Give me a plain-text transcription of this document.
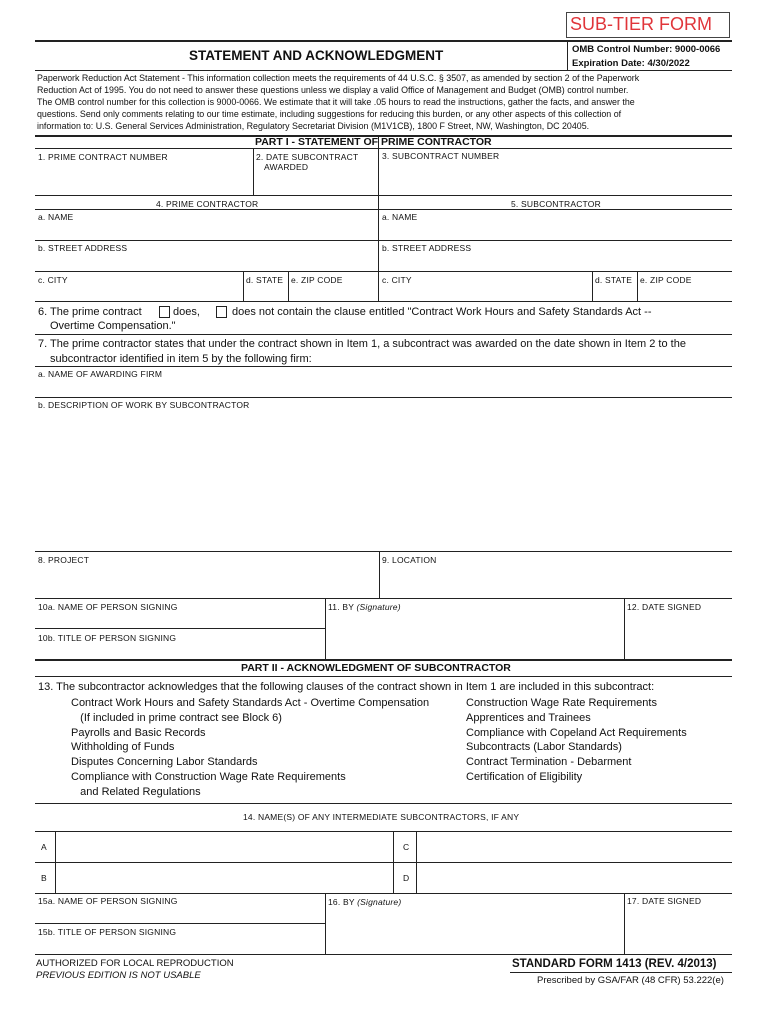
SUB-TIER FORM
STATEMENT AND ACKNOWLEDGMENT	OMB Control Number: 9000-0066
Expiration Date: 4/30/2022
Paperwork Reduction Act Statement - This information collection meets the requirements of 44 U.S.C. § 3507, as amended by section 2 of the Paperwork
Reduction Act of 1995. You do not need to answer these questions unless we display a valid Office of Management and Budget (OMB) control number.
The OMB control number for this collection is 9000-0066. We estimate that it will take .05 hours to read the instructions, gather the facts, and answer the
questions. Send only comments relating to our time estimate, including suggestions for reducing this burden, or any other aspects of this collection of
information to: U.S. General Services Administration, Regulatory Secretariat Division (M1V1CB), 1800 F Street, NW, Washington, DC 20405.
PART I - STATEMENT OF PRIME CONTRACTOR
1. PRIME CONTRACT NUMBER	2. DATE SUBCONTRACT
AWARDED
3. SUBCONTRACT NUMBER
4. PRIME CONTRACTOR	5. SUBCONTRACTOR
a. NAME	a. NAME
b. STREET ADDRESS	b. STREET ADDRESS
c. CITY	d. STATE e. ZIP CODE	c. CITY	d. STATE e. ZIP CODE
6. The prime contract	does,	does not contain the clause entitled "Contract Work Hours and Safety Standards Act --
Overtime Compensation."
7. The prime contractor states that under the contract shown in Item 1, a subcontract was awarded on the date shown in Item 2 to the
subcontractor identified in item 5 by the following firm:
a. NAME OF AWARDING FIRM
b. DESCRIPTION OF WORK BY SUBCONTRACTOR
8. PROJECT	9. LOCATION
10a. NAME OF PERSON SIGNING	11. BY (Signature)	12. DATE SIGNED
10b. TITLE OF PERSON SIGNING
PART II - ACKNOWLEDGMENT OF SUBCONTRACTOR
13. The subcontractor acknowledges that the following clauses of the contract shown in Item 1 are included in this subcontract:
Contract Work Hours and Safety Standards Act - Overtime Compensation
(If included in prime contract see Block 6)
Payrolls and Basic Records
Withholding of Funds
Disputes Concerning Labor Standards
Compliance with Construction Wage Rate Requirements
and Related Regulations
Construction Wage Rate Requirements
Apprentices and Trainees
Compliance with Copeland Act Requirements
Subcontracts (Labor Standards)
Contract Termination - Debarment
Certification of Eligibility
14. NAME(S) OF ANY INTERMEDIATE SUBCONTRACTORS, IF ANY
A	C
B	D
15a. NAME OF PERSON SIGNING	16. BY (Signature)	17. DATE SIGNED
15b. TITLE OF PERSON SIGNING
AUTHORIZED FOR LOCAL REPRODUCTION
PREVIOUS EDITION IS NOT USABLE
STANDARD FORM 1413 (REV. 4/2013)
Prescribed by GSA/FAR (48 CFR) 53.222(e)
